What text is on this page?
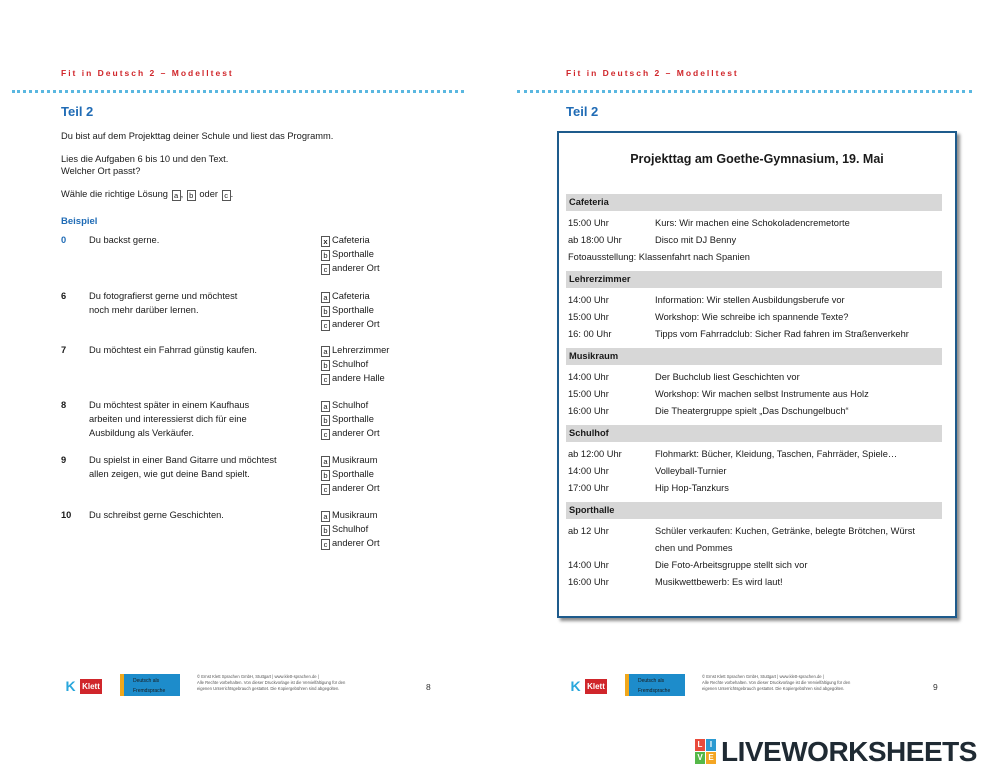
Fit in Deutsch 2 – Modelltest
Teil 2
Du bist auf dem Projekttag deiner Schule und liest das Programm.
Lies die Aufgaben 6 bis 10 und den Text.
Welcher Ort passt?
Wähle die richtige Lösung a , b oder c .
Beispiel
0 Du backst gerne.	x Cafeteria
b Sporthalle
c anderer Ort
6 Du fotografierst gerne und möchtest
noch mehr darüber lernen.
a Cafeteria
b Sporthalle
c anderer Ort
7 Du möchtest ein Fahrrad günstig kaufen.	a Lehrerzimmer
b Schulhof
c andere Halle
8 Du möchtest später in einem Kaufhaus
arbeiten und interessierst dich für eine
Ausbildung als Verkäufer.
a Schulhof
b Sporthalle
c anderer Ort
9 Du spielst in einer Band Gitarre und möchtest
allen zeigen, wie gut deine Band spielt.
a Musikraum
b Sporthalle
c anderer Ort
10 Du schreibst gerne Geschichten.	a Musikraum
b Schulhof
c anderer Ort
K Klett
Deutsch als
Fremdsprache
© Ernst Klett Sprachen GmbH, Stuttgart | www.klett-sprachen.de |
Alle Rechte vorbehalten. Von dieser Druckvorlage ist die Vervielfältigung für den
eigenen Unterrichtsgebrauch gestattet. Die Kopiergebühren sind abgegolten.	8
Fit in Deutsch 2 – Modelltest
Teil 2
Projekttag am Goethe-Gymnasium, 19. Mai
Cafeteria
15:00 Uhr	Kurs: Wir machen eine Schokoladencremetorte
ab 18:00 Uhr	Disco mit DJ Benny
Fotoausstellung: Klassenfahrt nach Spanien
Lehrerzimmer
14:00 Uhr	Information: Wir stellen Ausbildungsberufe vor
15:00 Uhr	Workshop: Wie schreibe ich spannende Texte?
16: 00 Uhr	Tipps vom Fahrradclub: Sicher Rad fahren im Straßenverkehr
Musikraum
14:00 Uhr	Der Buchclub liest Geschichten vor
15:00 Uhr	Workshop: Wir machen selbst Instrumente aus Holz
16:00 Uhr	Die Theatergruppe spielt „Das Dschungelbuch“
Schulhof
ab 12:00 Uhr	Flohmarkt: Bücher, Kleidung, Taschen, Fahrräder, Spiele…
14:00 Uhr	Volleyball-Turnier
17:00 Uhr	Hip Hop-Tanzkurs
Sporthalle
ab 12 Uhr	Schüler verkaufen: Kuchen, Getränke, belegte Brötchen, Würst
chen und Pommes
14:00 Uhr	Die Foto-Arbeitsgruppe stellt sich vor
16:00 Uhr	Musikwettbewerb: Es wird laut!
K Klett
Deutsch als
Fremdsprache
© Ernst Klett Sprachen GmbH, Stuttgart | www.klett-sprachen.de |
Alle Rechte vorbehalten. Von dieser Druckvorlage ist die Vervielfältigung für den
eigenen Unterrichtsgebrauch gestattet. Die Kopiergebühren sind abgegolten.	9
L I
V E LIVEWORKSHEETS
